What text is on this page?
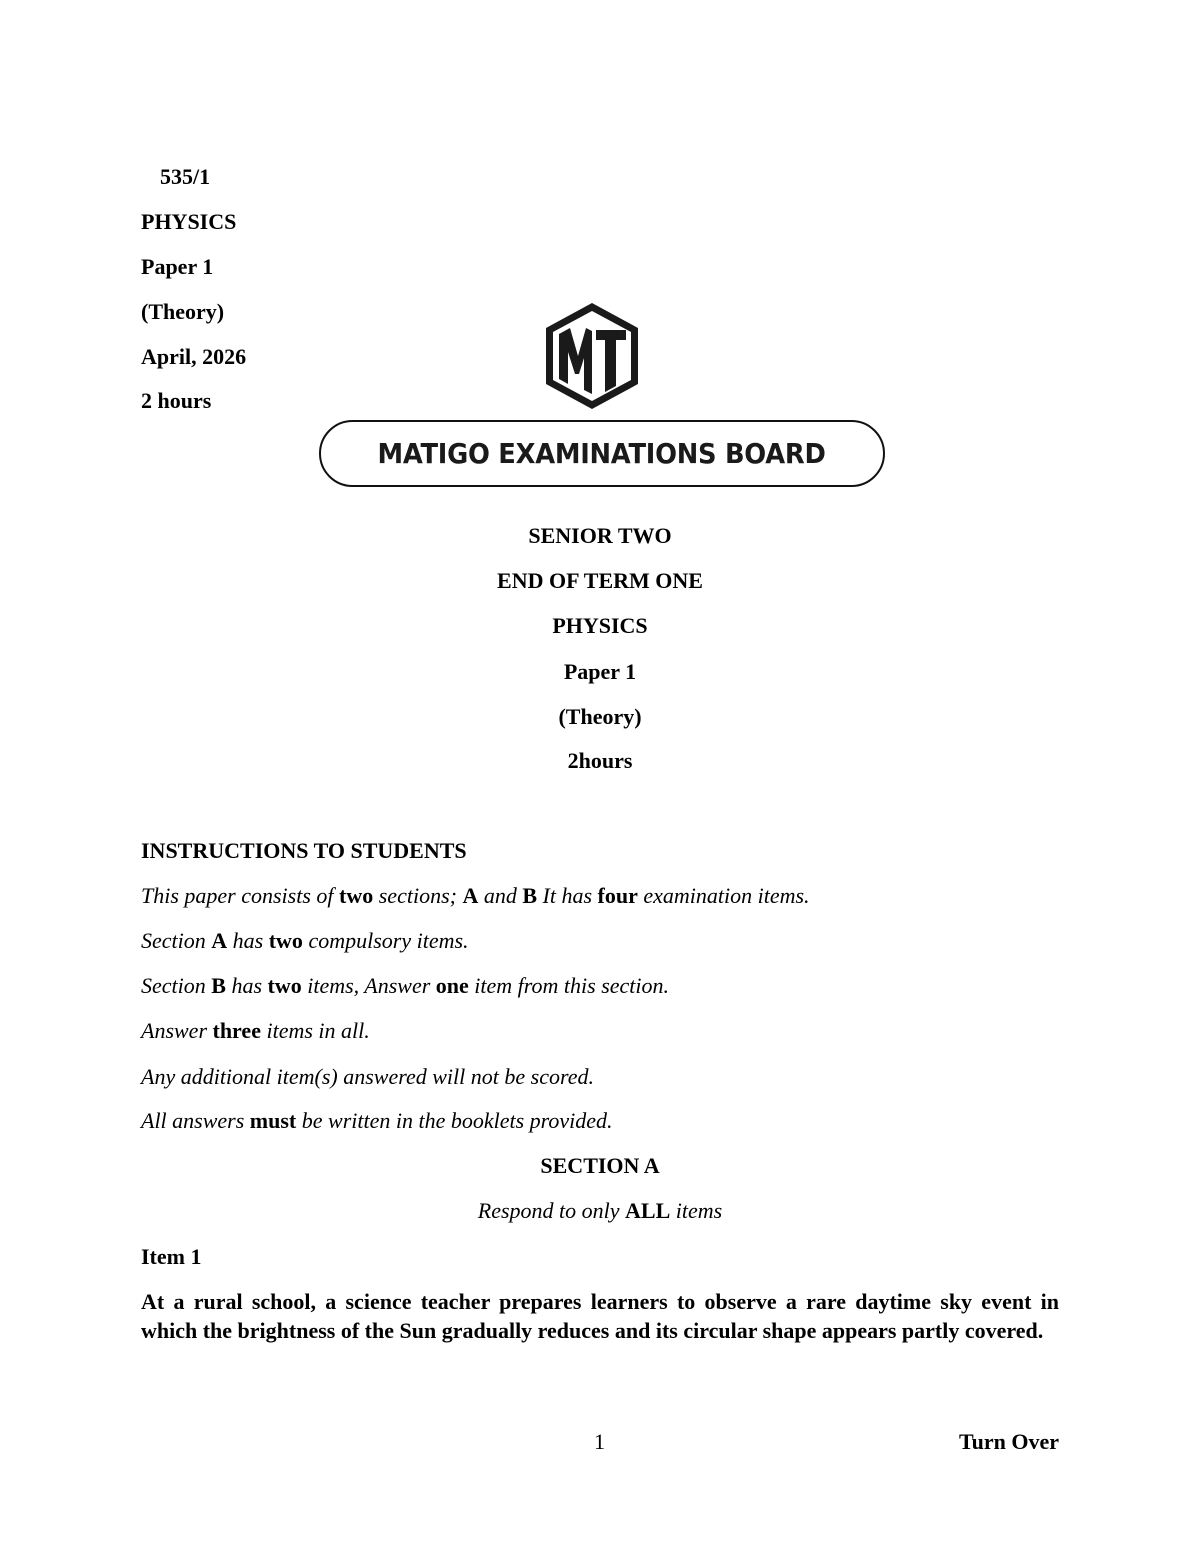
535/1
PHYSICS
Paper 1
(Theory)
April, 2026
2 hours
MATIGO EXAMINATIONS BOARD
SENIOR TWO
END OF TERM ONE
PHYSICS
Paper 1
(Theory)
2hours
INSTRUCTIONS TO STUDENTS
This paper consists of two sections; A and B It has four examination items.
Section A has two compulsory items.
Section B has two items, Answer one item from this section.
Answer three items in all.
Any additional item(s) answered will not be scored.
All answers must be written in the booklets provided.
SECTION A
Respond to only ALL items
Item 1
At a rural school, a science teacher prepares learners to observe a rare daytime sky event in which the brightness of the Sun gradually reduces and its circular shape appears partly covered.
1	Turn Over
